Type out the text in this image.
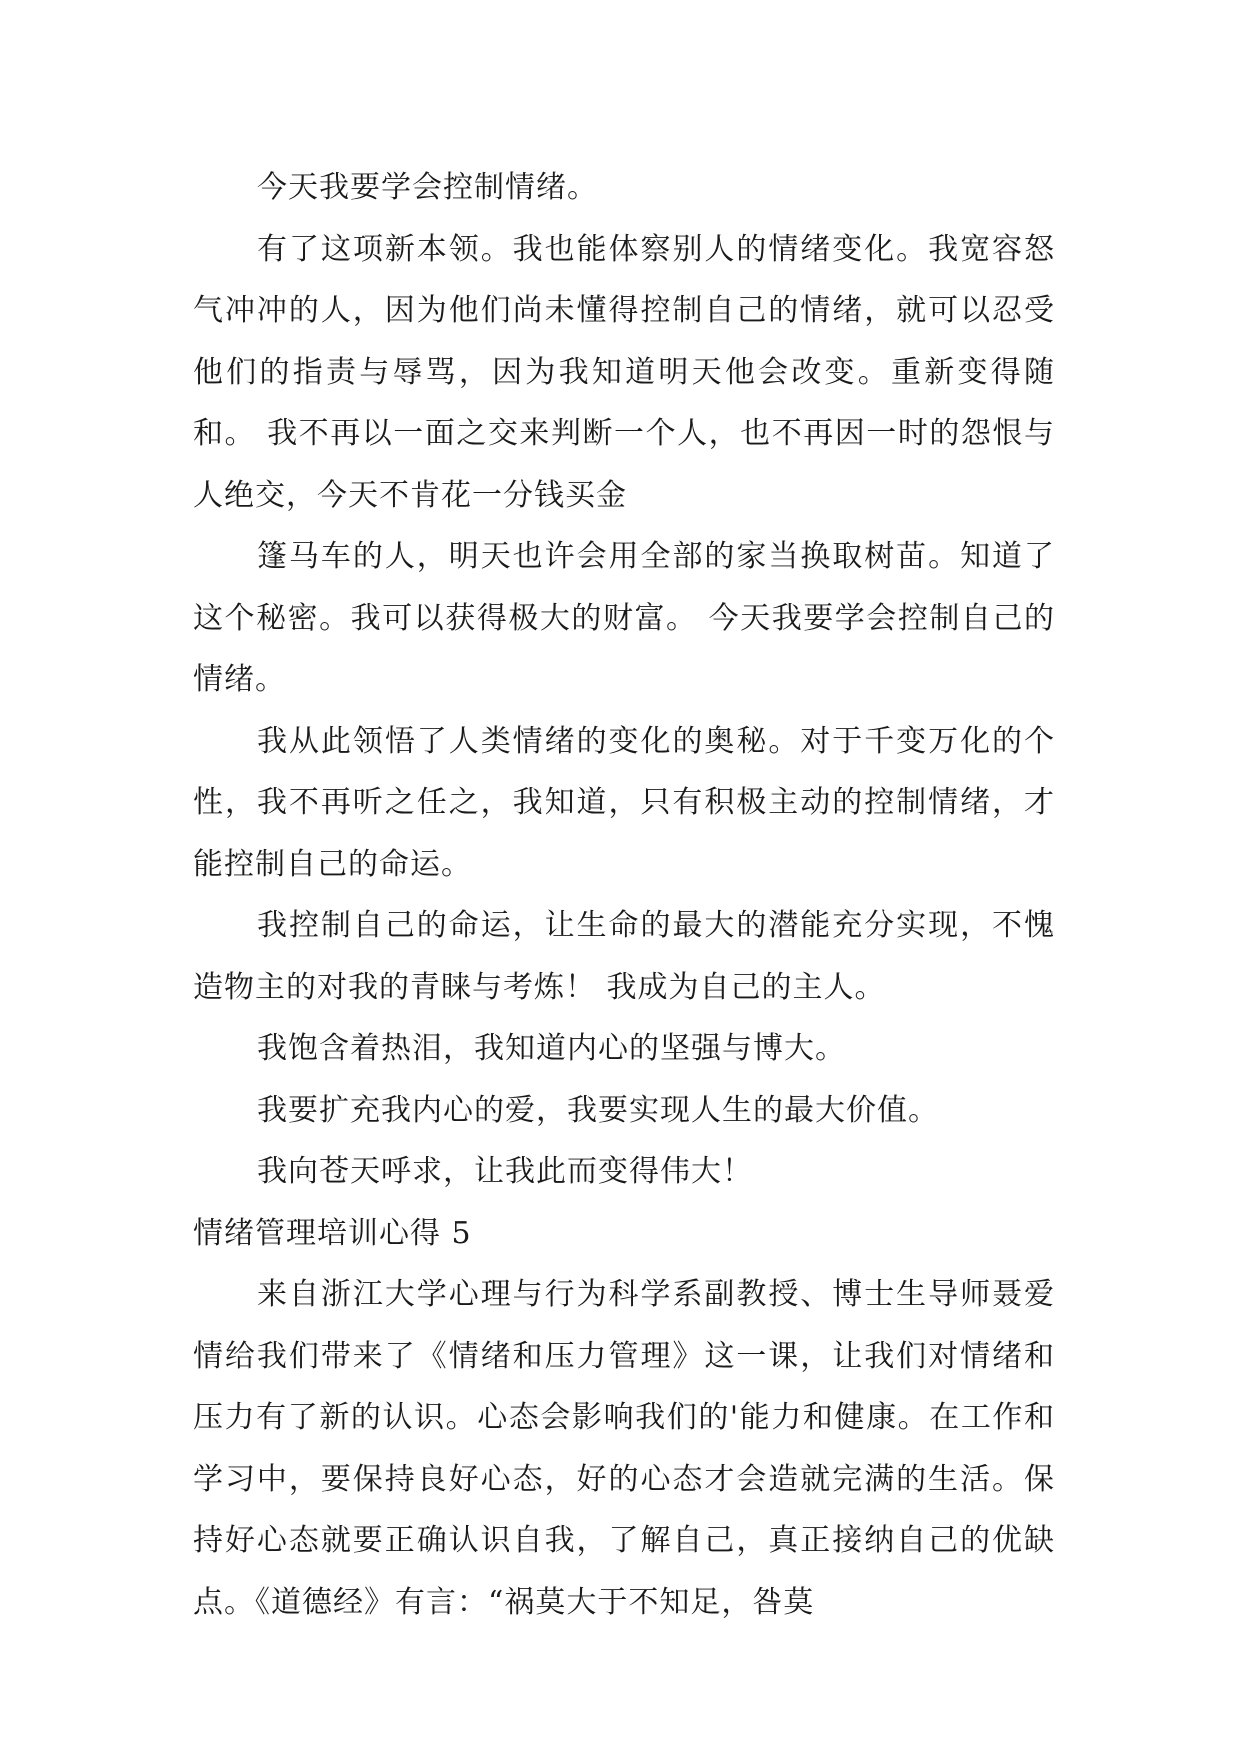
今天我要学会控制情绪。

有了这项新本领。我也能体察别人的情绪变化。我宽容怒气冲冲的人，因为他们尚未懂得控制自己的情绪，就可以忍受他们的指责与辱骂，因为我知道明天他会改变。重新变得随和。 我不再以一面之交来判断一个人，也不再因一时的怨恨与人绝交，今天不肯花一分钱买金

篷马车的人，明天也许会用全部的家当换取树苗。知道了这个秘密。我可以获得极大的财富。 今天我要学会控制自己的情绪。

我从此领悟了人类情绪的变化的奥秘。对于千变万化的个性，我不再听之任之，我知道，只有积极主动的控制情绪，才能控制自己的命运。

我控制自己的命运，让生命的最大的潜能充分实现，不愧造物主的对我的青睐与考炼！ 我成为自己的主人。

我饱含着热泪，我知道内心的坚强与博大。

我要扩充我内心的爱，我要实现人生的最大价值。

我向苍天呼求，让我此而变得伟大！

情绪管理培训心得 5

来自浙江大学心理与行为科学系副教授、博士生导师聂爱情给我们带来了《情绪和压力管理》这一课，让我们对情绪和压力有了新的认识。心态会影响我们的'能力和健康。在工作和学习中，要保持良好心态，好的心态才会造就完满的生活。保持好心态就要正确认识自我，了解自己，真正接纳自己的优缺点。《道德经》有言：“祸莫大于不知足，咎莫
